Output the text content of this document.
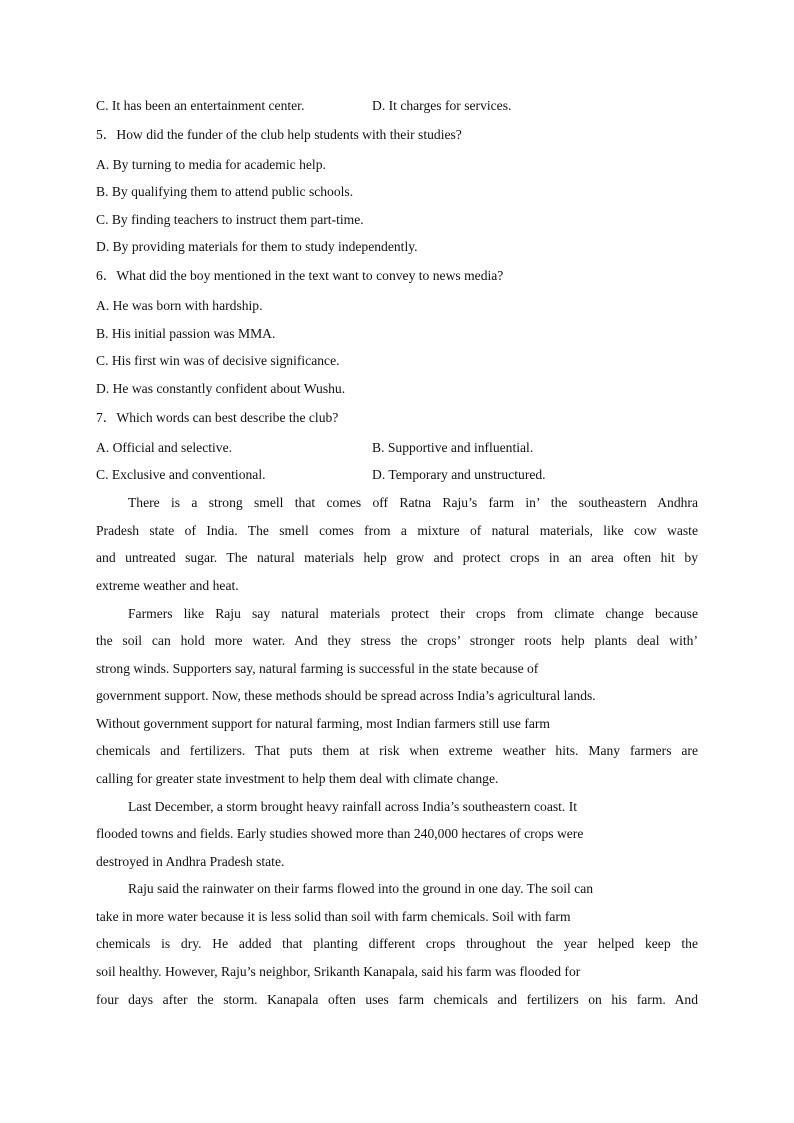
C. It has been an entertainment center.	D. It charges for services.
5．How did the funder of the club help students with their studies?
A. By turning to media for academic help.
B. By qualifying them to attend public schools.
C. By finding teachers to instruct them part-time.
D. By providing materials for them to study independently.
6．What did the boy mentioned in the text want to convey to news media?
A. He was born with hardship.
B. His initial passion was MMA.
C. His first win was of decisive significance.
D. He was constantly confident about Wushu.
7．Which words can best describe the club?
A. Official and selective.	B. Supportive and influential.
C. Exclusive and conventional.	D. Temporary and unstructured.
There is a strong smell that comes off Ratna Raju’s farm in’ the southeastern Andhra
Pradesh state of India. The smell comes from a mixture of natural materials, like cow waste
and untreated sugar. The natural materials help grow and protect crops in an area often hit by
extreme weather and heat.
Farmers like Raju say natural materials protect their crops from climate change because
the soil can hold more water. And they stress the crops’ stronger roots help plants deal with’
strong winds. Supporters say, natural farming is successful in the state because of
government support. Now, these methods should be spread across India’s agricultural lands.
Without government support for natural farming, most Indian farmers still use farm
chemicals and fertilizers. That puts them at risk when extreme weather hits. Many farmers are
calling for greater state investment to help them deal with climate change.
Last December, a storm brought heavy rainfall across India’s southeastern coast. It
flooded towns and fields. Early studies showed more than 240,000 hectares of crops were
destroyed in Andhra Pradesh state.
Raju said the rainwater on their farms flowed into the ground in one day. The soil can
take in more water because it is less solid than soil with farm chemicals. Soil with farm
chemicals is dry. He added that planting different crops throughout the year helped keep the
soil healthy. However, Raju’s neighbor, Srikanth Kanapala, said his farm was flooded for
four days after the storm. Kanapala often uses farm chemicals and fertilizers on his farm. And
